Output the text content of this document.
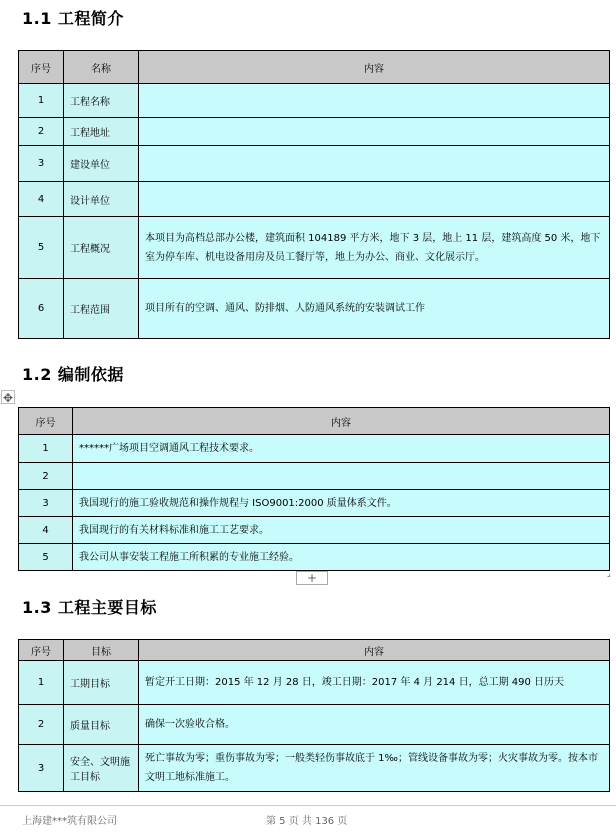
1.1 工程简介
序号	名称	内容
1	工程名称	
2	工程地址	
3	建设单位	
4	设计单位	
5	工程概况	本项目为高档总部办公楼，建筑面积 104189 平方米，地下 3 层，地上 11 层，建筑高度 50 米，地下室为停车库、机电设备用房及员工餐厅等，地上为办公、商业、文化展示厅。
6	工程范围	项目所有的空调、通风、防排烟、人防通风系统的安装调试工作
1.2 编制依据
✥
序号	内容
1	******广场项目空调通风工程技术要求。
2	
3	我国现行的施工验收规范和操作规程与 ISO9001:2000 质量体系文件。
4	我国现行的有关材料标准和施工工艺要求。
5	我公司从事安装工程施工所积累的专业施工经验。
+	⌟
1.3 工程主要目标
序号	目标	内容
1	工期目标	暂定开工日期：2015 年 12 月 28 日，竣工日期：2017 年 4 月 214 日，总工期 490 日历天
2	质量目标	确保一次验收合格。
3	安全、文明施工目标	死亡事故为零；重伤事故为零；一般类轻伤事故底于 1‰；管线设备事故为零；火灾事故为零。按本市文明工地标准施工。
上海建***筑有限公司	第 5 页 共 136 页
